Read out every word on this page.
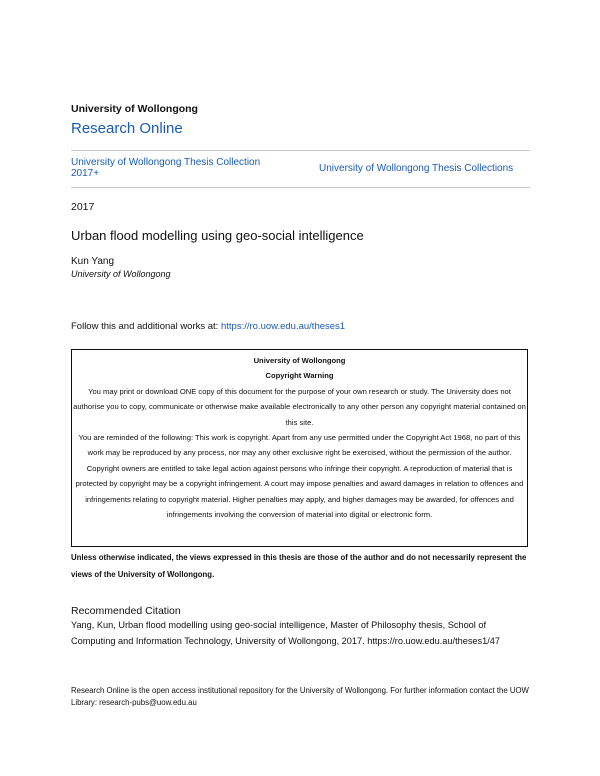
University of Wollongong
Research Online
University of Wollongong Thesis Collection 2017+	University of Wollongong Thesis Collections
2017
Urban flood modelling using geo-social intelligence
Kun Yang
University of Wollongong
Follow this and additional works at: https://ro.uow.edu.au/theses1

University of Wollongong

Copyright Warning

You may print or download ONE copy of this document for the purpose of your own research or study. The University does not authorise you to copy, communicate or otherwise make available electronically to any other person any copyright material contained on this site.

You are reminded of the following: This work is copyright. Apart from any use permitted under the Copyright Act 1968, no part of this work may be reproduced by any process, nor may any other exclusive right be exercised, without the permission of the author. Copyright owners are entitled to take legal action against persons who infringe their copyright. A reproduction of material that is protected by copyright may be a copyright infringement. A court may impose penalties and award damages in relation to offences and infringements relating to copyright material. Higher penalties may apply, and higher damages may be awarded, for offences and infringements involving the conversion of material into digital or electronic form.

Unless otherwise indicated, the views expressed in this thesis are those of the author and do not necessarily represent the views of the University of Wollongong.
Recommended Citation
Yang, Kun, Urban flood modelling using geo-social intelligence, Master of Philosophy thesis, School of Computing and Information Technology, University of Wollongong, 2017. https://ro.uow.edu.au/theses1/47
Research Online is the open access institutional repository for the University of Wollongong. For further information contact the UOW Library: research-pubs@uow.edu.au
